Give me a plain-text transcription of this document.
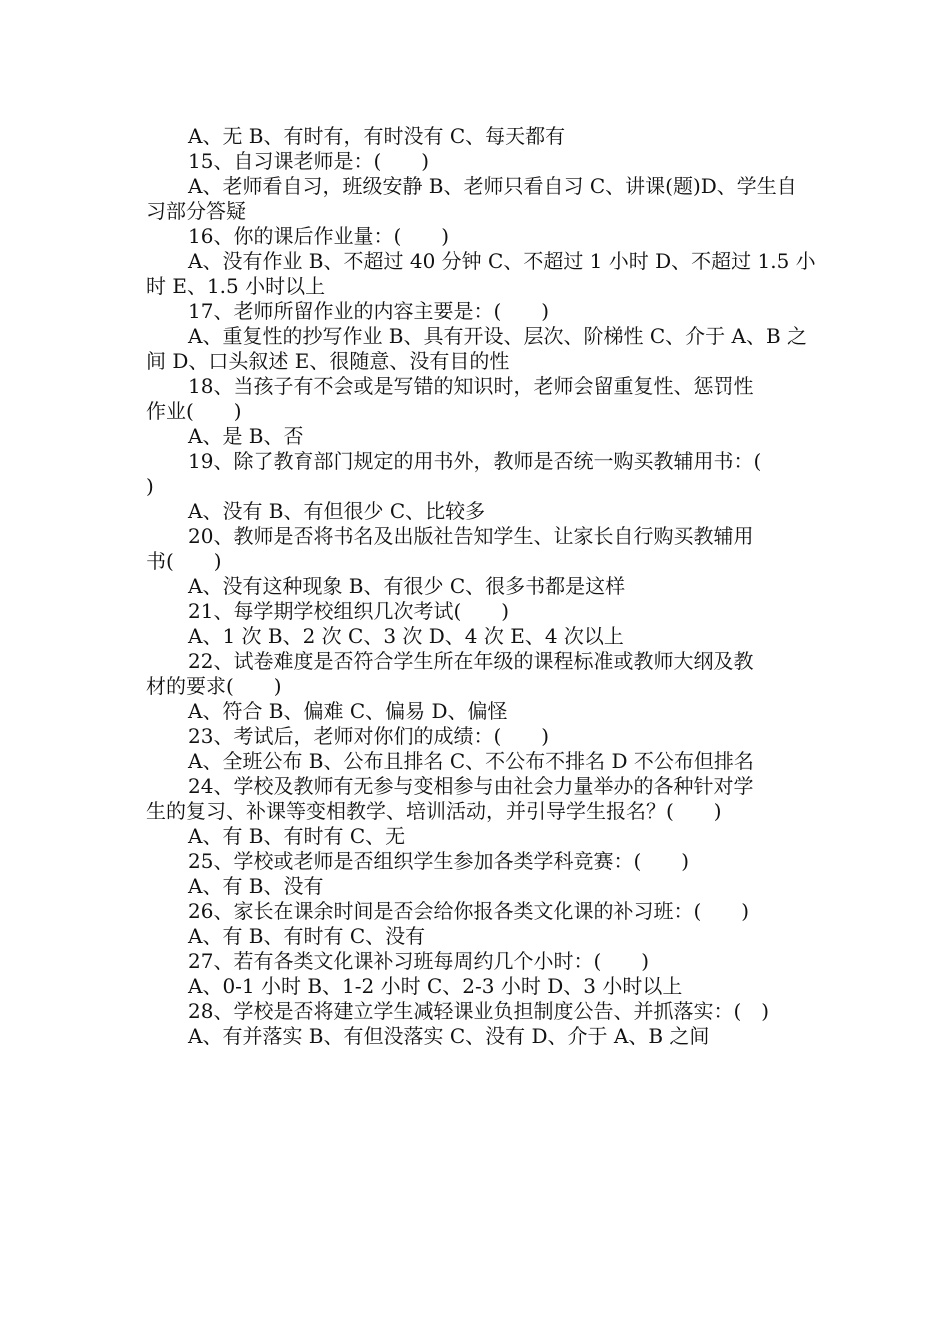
A、无 B、有时有，有时没有 C、每天都有
15、自习课老师是：(　　)
A、老师看自习，班级安静 B、老师只看自习 C、讲课(题)D、学生自
习部分答疑
16、你的课后作业量：(　　)
A、没有作业 B、不超过 40 分钟 C、不超过 1 小时 D、不超过 1.5 小
时 E、1.5 小时以上
17、老师所留作业的内容主要是：(　　)
A、重复性的抄写作业 B、具有开设、层次、阶梯性 C、介于 A、B 之
间 D、口头叙述 E、很随意、没有目的性
18、当孩子有不会或是写错的知识时，老师会留重复性、惩罚性
作业(　　)
A、是 B、否
19、除了教育部门规定的用书外，教师是否统一购买教辅用书：(
)
A、没有 B、有但很少 C、比较多
20、教师是否将书名及出版社告知学生、让家长自行购买教辅用
书(　　)
A、没有这种现象 B、有很少 C、很多书都是这样
21、每学期学校组织几次考试(　　)
A、1 次 B、2 次 C、3 次 D、4 次 E、4 次以上
22、试卷难度是否符合学生所在年级的课程标准或教师大纲及教
材的要求(　　)
A、符合 B、偏难 C、偏易 D、偏怪
23、考试后，老师对你们的成绩：(　　)
A、全班公布 B、公布且排名 C、不公布不排名 D 不公布但排名
24、学校及教师有无参与变相参与由社会力量举办的各种针对学
生的复习、补课等变相教学、培训活动，并引导学生报名？(　　)
A、有 B、有时有 C、无
25、学校或老师是否组织学生参加各类学科竞赛：(　　)
A、有 B、没有
26、家长在课余时间是否会给你报各类文化课的补习班：(　　)
A、有 B、有时有 C、没有
27、若有各类文化课补习班每周约几个小时：(　　)
A、0-1 小时 B、1-2 小时 C、2-3 小时 D、3 小时以上
28、学校是否将建立学生减轻课业负担制度公告、并抓落实：(　)
A、有并落实 B、有但没落实 C、没有 D、介于 A、B 之间
